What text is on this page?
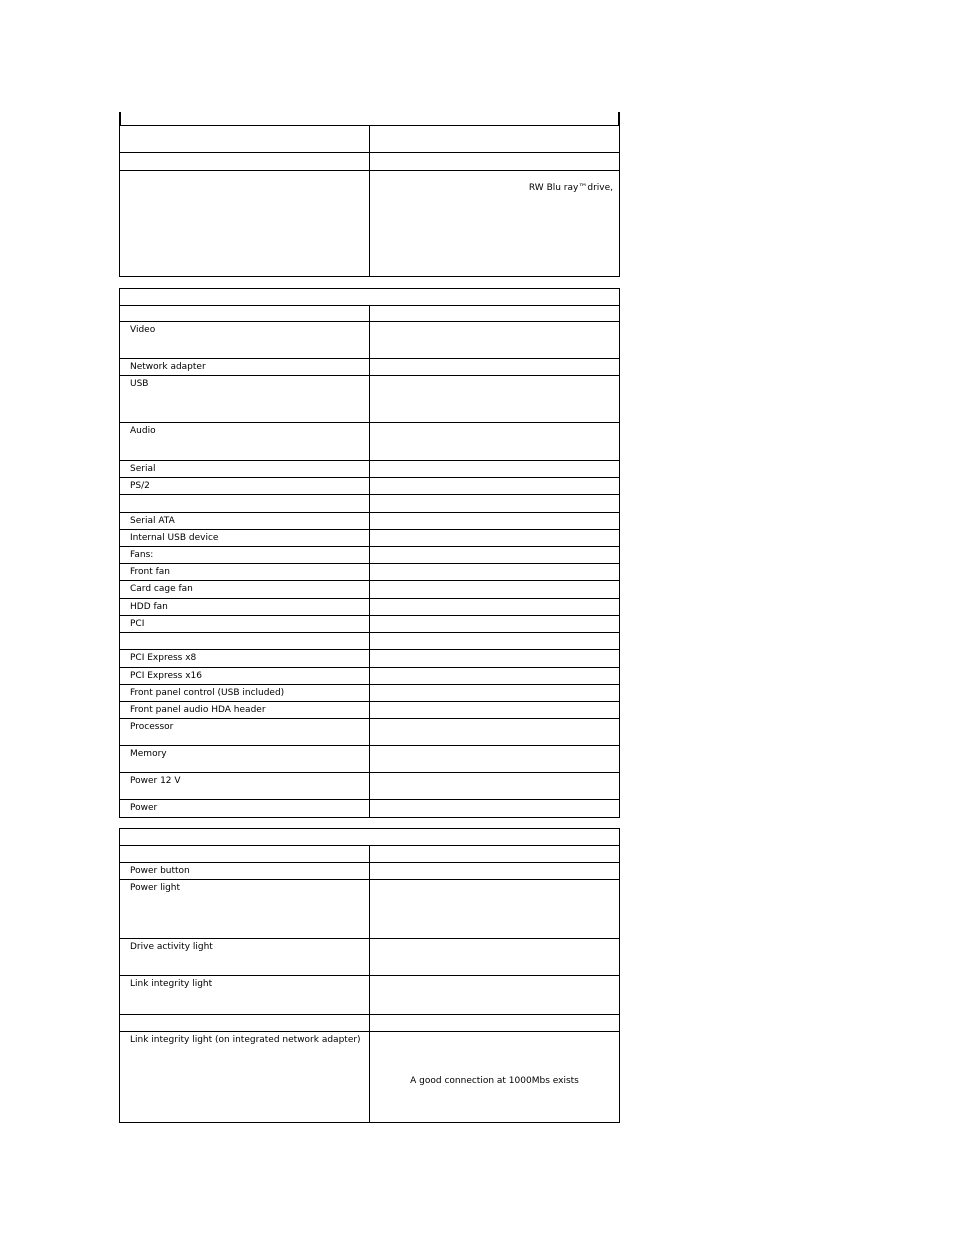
RW Blu ray™drive,
Video
Network adapter
USB
Audio
Serial
PS/2
Serial ATA
Internal USB device
Fans:
Front fan
Card cage fan
HDD fan
PCI
PCI Express x8
PCI Express x16
Front panel control (USB included)
Front panel audio HDA header
Processor
Memory
Power 12 V
Power
Power button
Power light
Drive activity light
Link integrity light
Link integrity light (on integrated network adapter)
A good connection at 1000Mbs exists
